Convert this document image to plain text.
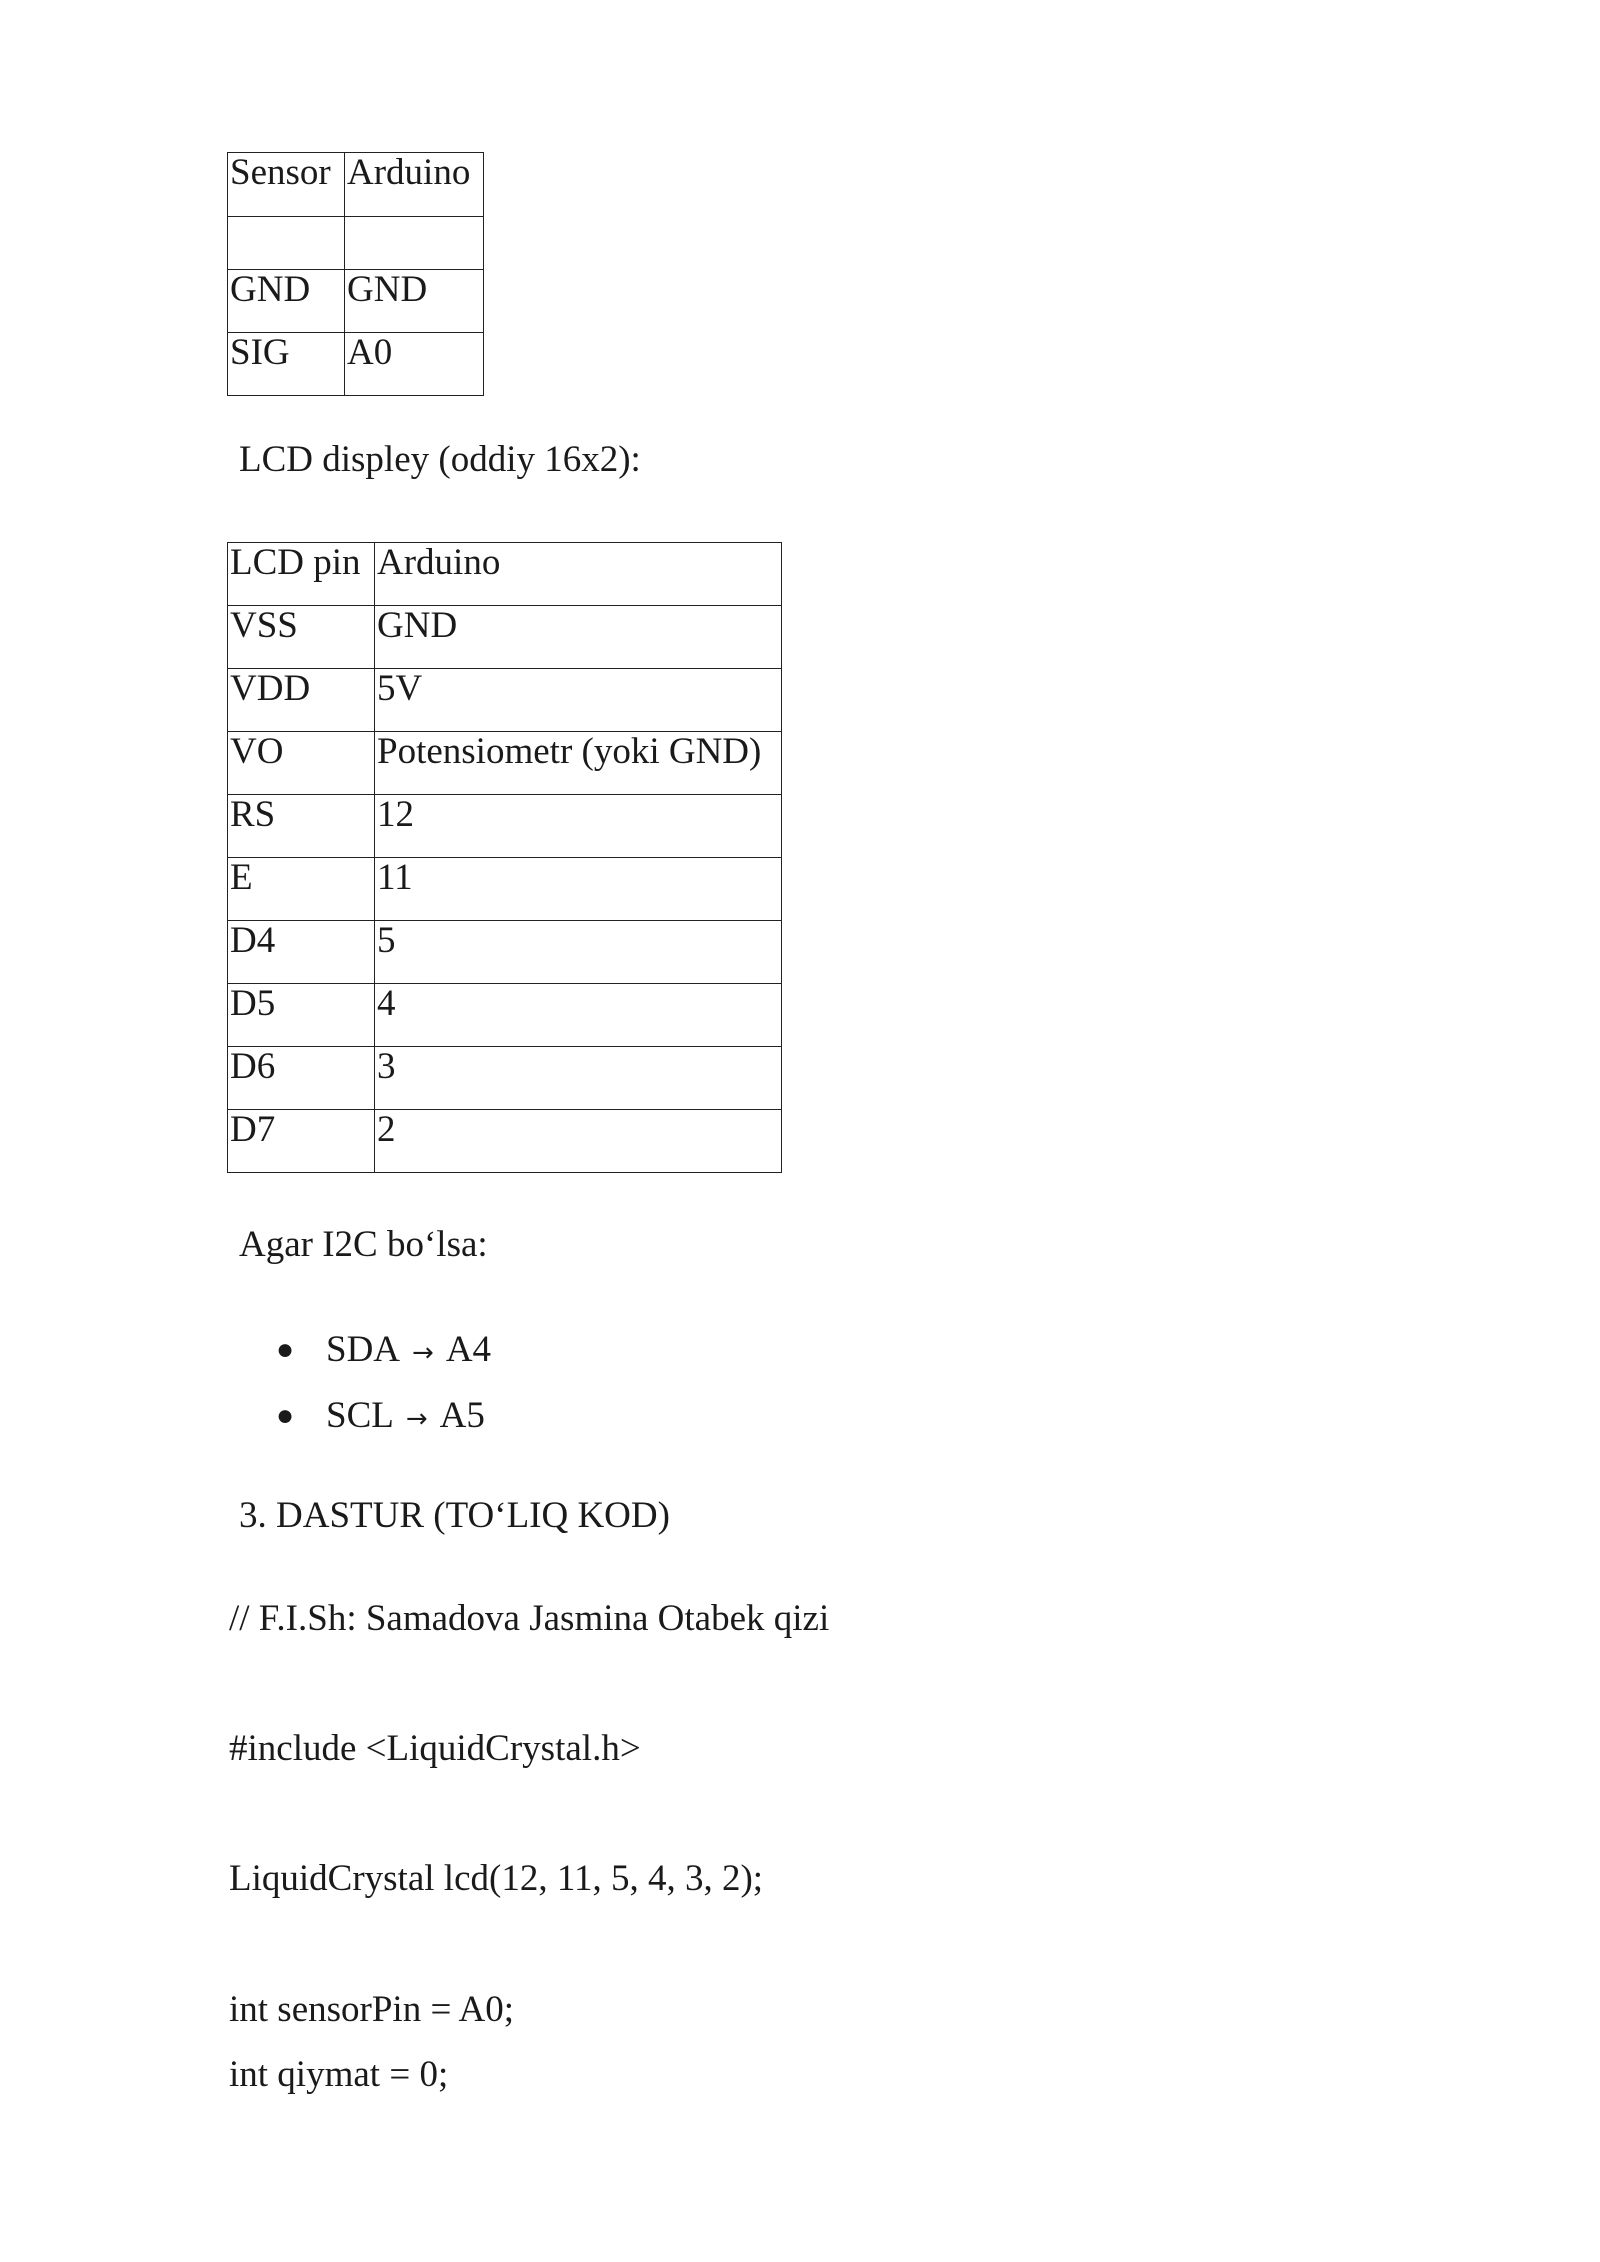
Sensor	Arduino

GND	GND
SIG	A0
LCD displey (oddiy 16x2):
LCD pin	Arduino
VSS	GND
VDD	5V
VO	Potensiometr (yoki GND)
RS	12
E	11
D4	5
D5	4
D6	3
D7	2
Agar I2C bo‘lsa:
● SDA → A4
● SCL → A5
3. DASTUR (TO‘LIQ KOD)
// F.I.Sh: Samadova Jasmina Otabek qizi
#include <LiquidCrystal.h>
LiquidCrystal lcd(12, 11, 5, 4, 3, 2);
int sensorPin = A0;
int qiymat = 0;
